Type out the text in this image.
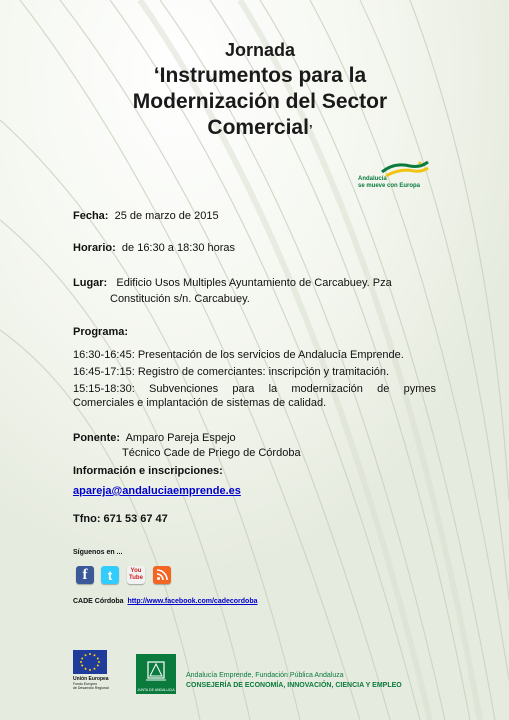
Jornada
‘Instrumentos para la
Modernización del Sector
Comercial’
Andalucía
se mueve con Europa
Fecha: 25 de marzo de 2015
Horario: de 16:30 a 18:30 horas
Lugar: Edificio Usos Multiples Ayuntamiento de Carcabuey. Pza
Constitución s/n. Carcabuey.
Programa:
16:30-16:45: Presentación de los servicios de Andalucía Emprende.
16:45-17:15: Registro de comerciantes: inscripción y tramitación.
15:15-18:30: Subvenciones para la modernización de pymes
Comerciales e implantación de sistemas de calidad.
Ponente: Amparo Pareja Espejo
Técnico Cade de Priego de Córdoba
Información e inscripciones:
apareja@andaluciaemprende.es
Tfno: 671 53 67 47
Síguenos en ...
f	t	You Tube
CADE Córdoba http://www.facebook.com/cadecordoba
Unión Europea
Fondo Europeo
de Desarrollo Regional	JUNTA DE ANDALUCIA
Andalucía Emprende, Fundación Pública Andaluza
CONSEJERÍA DE ECONOMÍA, INNOVACIÓN, CIENCIA Y EMPLEO
